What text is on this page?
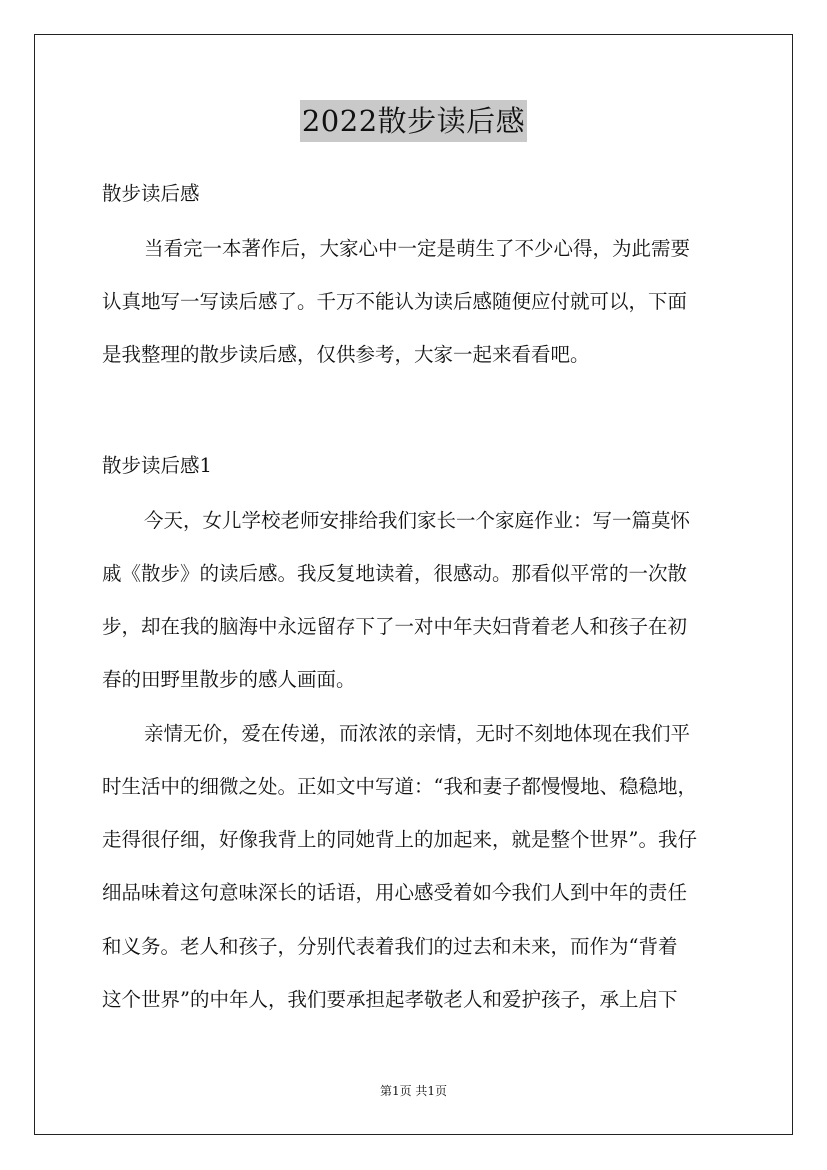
2022散步读后感

散步读后感

当看完一本著作后，大家心中一定是萌生了不少心得，为此需要

认真地写一写读后感了。千万不能认为读后感随便应付就可以，下面

是我整理的散步读后感，仅供参考，大家一起来看看吧。

散步读后感1

今天，女儿学校老师安排给我们家长一个家庭作业：写一篇莫怀

戚《散步》的读后感。我反复地读着，很感动。那看似平常的一次散

步，却在我的脑海中永远留存下了一对中年夫妇背着老人和孩子在初

春的田野里散步的感人画面。

亲情无价，爱在传递，而浓浓的亲情，无时不刻地体现在我们平

时生活中的细微之处。正如文中写道：“我和妻子都慢慢地、稳稳地，

走得很仔细，好像我背上的同她背上的加起来，就是整个世界”。我仔

细品味着这句意味深长的话语，用心感受着如今我们人到中年的责任

和义务。老人和孩子，分别代表着我们的过去和未来，而作为“背着

这个世界”的中年人，我们要承担起孝敬老人和爱护孩子，承上启下

第1页 共1页
